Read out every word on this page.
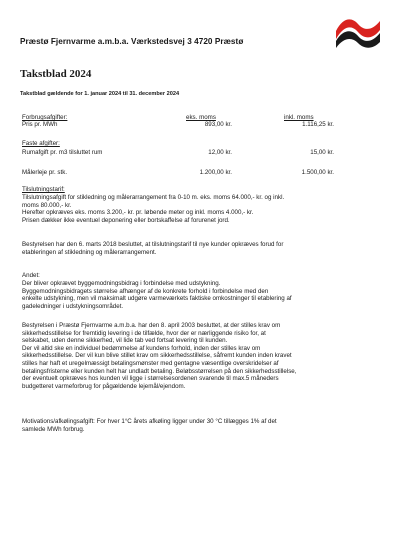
Præstø Fjernvarme a.m.b.a. Værkstedsvej 3 4720 Præstø
Takstblad 2024
Takstblad gældende for 1. januar 2024 til 31. december 2024
Forbrugsafgifter:	eks. moms	inkl. moms
Pris pr. MWh	893,00 kr.	1.116,25 kr.
Faste afgifter:
Rumafgift pr. m3 tilsluttet rum	12,00 kr.	15,00 kr.
Målerleje pr. stk.	1.200,00 kr.	1.500,00 kr.
Tilslutningstarif:
Tilslutningsafgift for stikledning og målerarrangement fra 0-10 m. eks. moms 64.000,- kr. og inkl.
moms 80.000,- kr.
Herefter opkræves eks. moms 3.200,- kr. pr. løbende meter og inkl. moms 4.000,- kr.
Prisen dækker ikke eventuel deponering eller bortskaffelse af forurenet jord.
Bestyrelsen har den 6. marts 2018 besluttet, at tilslutningstarif til nye kunder opkræves forud for
etableringen af stikledning og målerarrangement.
Andet:
Der bliver opkrævet byggemodningsbidrag i forbindelse med udstykning.
Byggemodningsbidragets størrelse afhænger af de konkrete forhold i forbindelse med den
enkelte udstykning, men vil maksimalt udgøre varmeværkets faktiske omkostninger til etablering af
gadeledninger i udstykningsområdet.
Bestyrelsen i Præstø Fjernvarme a.m.b.a. har den 8. april 2003 besluttet, at der stilles krav om
sikkerhedsstillelse for fremtidig levering i de tilfælde, hvor der er nærliggende risiko for, at
selskabet, uden denne sikkerhed, vil lide tab ved fortsat levering til kunden.
Der vil altid ske en individuel bedømmelse af kundens forhold, inden der stilles krav om
sikkerhedsstillelse. Der vil kun blive stillet krav om sikkerhedsstillelse, såfremt kunden inden kravet
stilles har haft et uregelmæssigt betalingsmønster med gentagne væsentlige overskridelser af
betalingsfristerne eller kunden helt har undladt betaling. Beløbsstørrelsen på den sikkerhedsstillelse,
der eventuelt opkræves hos kunden vil ligge i størrelsesordenen svarende til max.5 måneders
budgetteret varmeforbrug for pågældende lejemål/ejendom.
Motivations/afkølingsafgift: For hver 1°C årets afkøling ligger under 30 °C tillægges 1% af det
samlede MWh forbrug.
